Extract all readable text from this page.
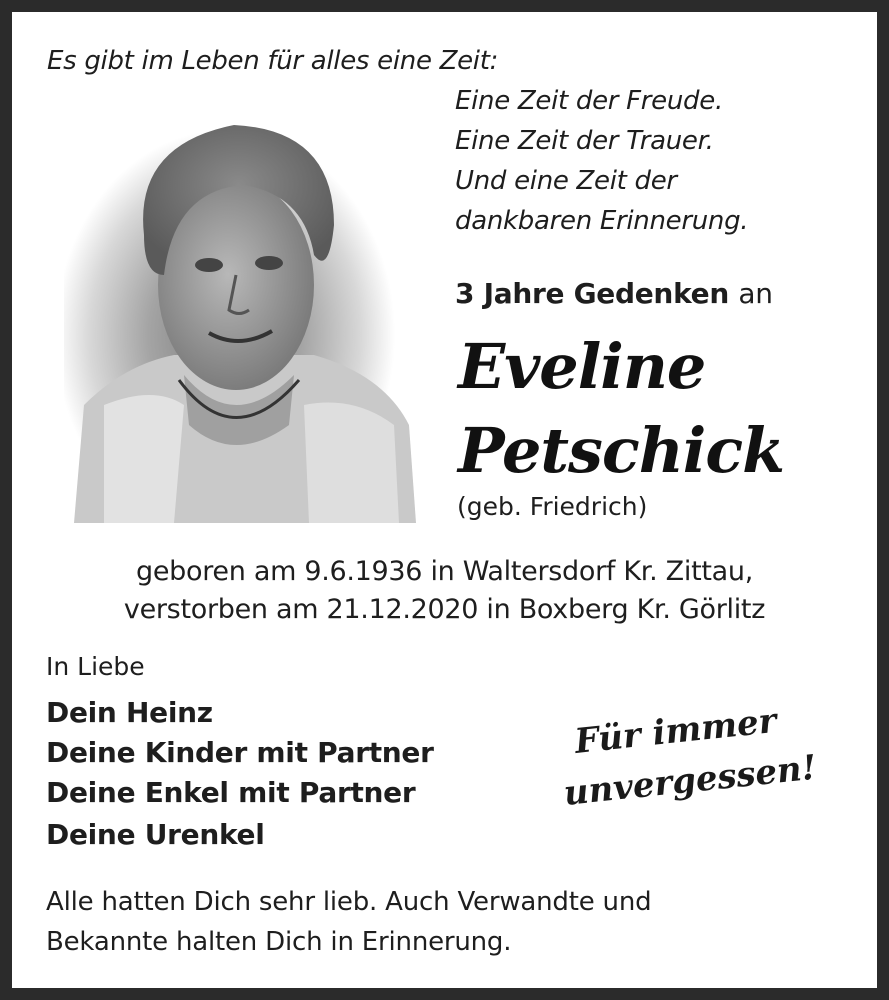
Es gibt im Leben für alles eine Zeit:
Eine Zeit der Freude.
Eine Zeit der Trauer.
Und eine Zeit der
dankbaren Erinnerung.
3 Jahre Gedenken an
Eveline
Petschick
(geb. Friedrich)
geboren am 9.6.1936 in Waltersdorf Kr. Zittau,
verstorben am 21.12.2020 in Boxberg Kr. Görlitz
In Liebe
Dein Heinz
Deine Kinder mit Partner
Deine Enkel mit Partner
Deine Urenkel
Für immer
unvergessen!
Alle hatten Dich sehr lieb. Auch Verwandte und
Bekannte halten Dich in Erinnerung.
